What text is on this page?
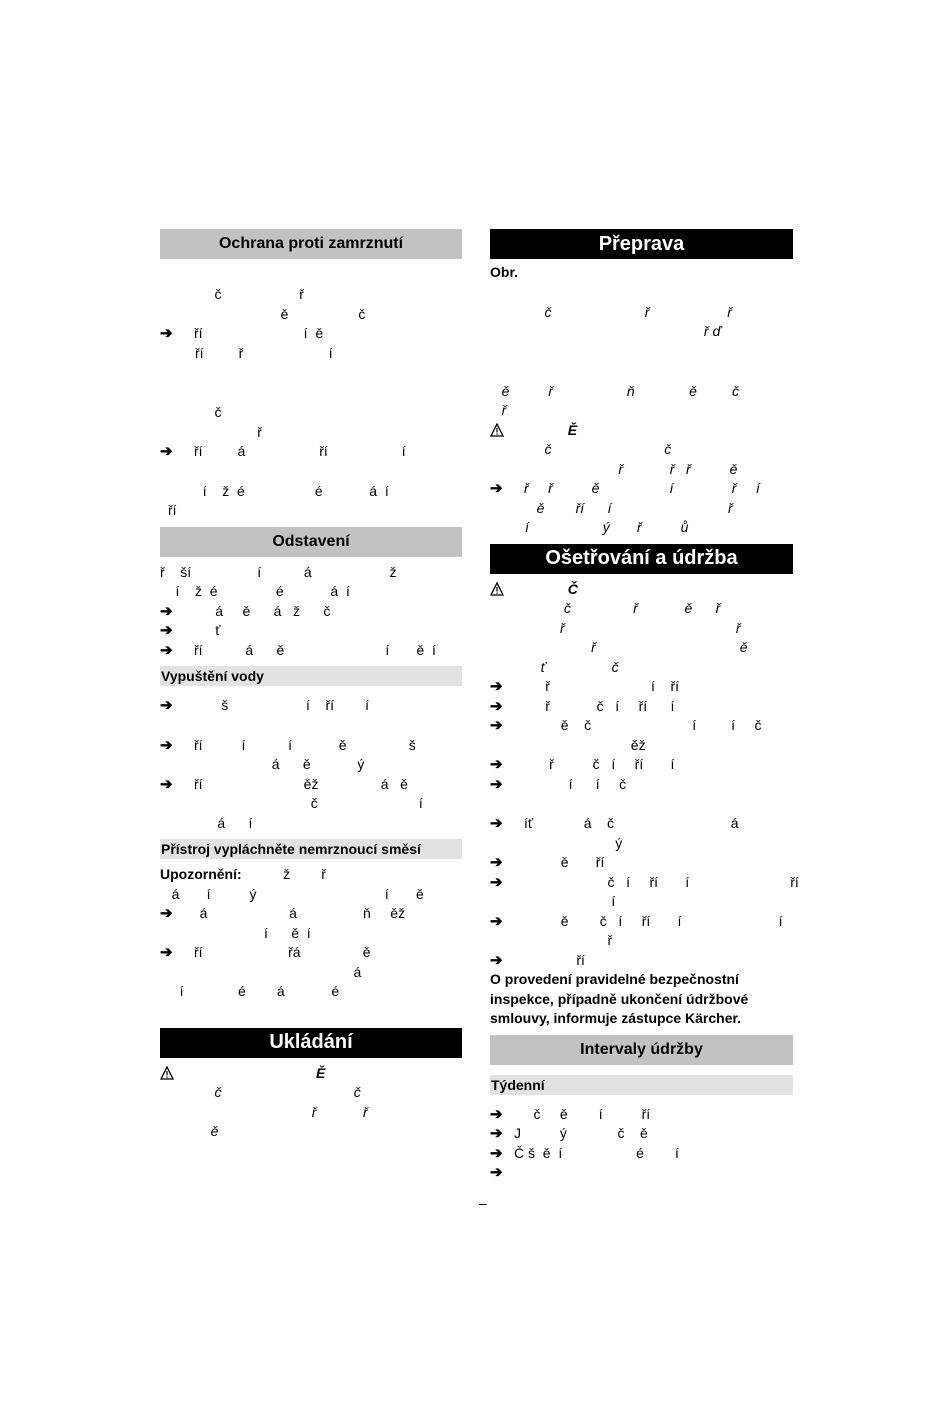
Ochrana proti zamrznutí
č                    ř
ě                  č
➔ ří                          í  ě
ří         ř                      í
č
ř
➔ ří         á                   ří                   í
í    ž  é                  é            á  í
ří
Odstavení
ř    ší                 í           á                    ž
í    ž  é               é            á  í
➔ á     ě      á   ž      č
➔ ť
➔ ří           á      ě                          í       ě  í
Vypuštění vody
➔ š                    í    ří        í
➔ ří          í           í            ě                š
á      ě            ý
➔ ří                          ěž                á   ě
č                          í
á      í
Přístroj vypláchněte nemrznoucí směsí
Upozornění: ž        ř
á       í          ý                                 í       ě
➔ á                     á                 ň     ěž
í      ě  í
➔ ří                      řá                ě
á
í              é        á            é
Ukládání

Ě

č                                  č
ř            ř
ě
Přeprava
Obr.
č                        ř                    ř
ř ď
ě          ř                   ň              ě         č
ř

Ě

č                             č
ř            ř   ř          ě
➔ ř     ř          ě                  í               ř     í
ě        ří      í                              ř
í                   ý       ř          ů
Ošetřování a údržba

Č

č                ř            ě      ř
ř                                            ř
ř                                     ě
ť                 č
➔ ř                          í    ří
➔ ř            č   í     ří      í
➔ ě    č                          í         í     č
ěž
➔ ř          č   í     ří       í
➔ í      í     č
➔ íť             á    č                              á
ý
➔ ě       ří
➔ č   í     ří       í                          ří
í
➔ ě        č   í     ří       í                         í
ř
➔ ří
O provedení pravidelné bezpečnostní
inspekce, případně ukončení údržbové
smlouvy, informuje zástupce Kärcher.
Intervaly údržby
Týdenní
➔ č     ě        í          ří
➔ J          ý             č    ě
➔ Č š  ě  í                   é        í
➔
–
